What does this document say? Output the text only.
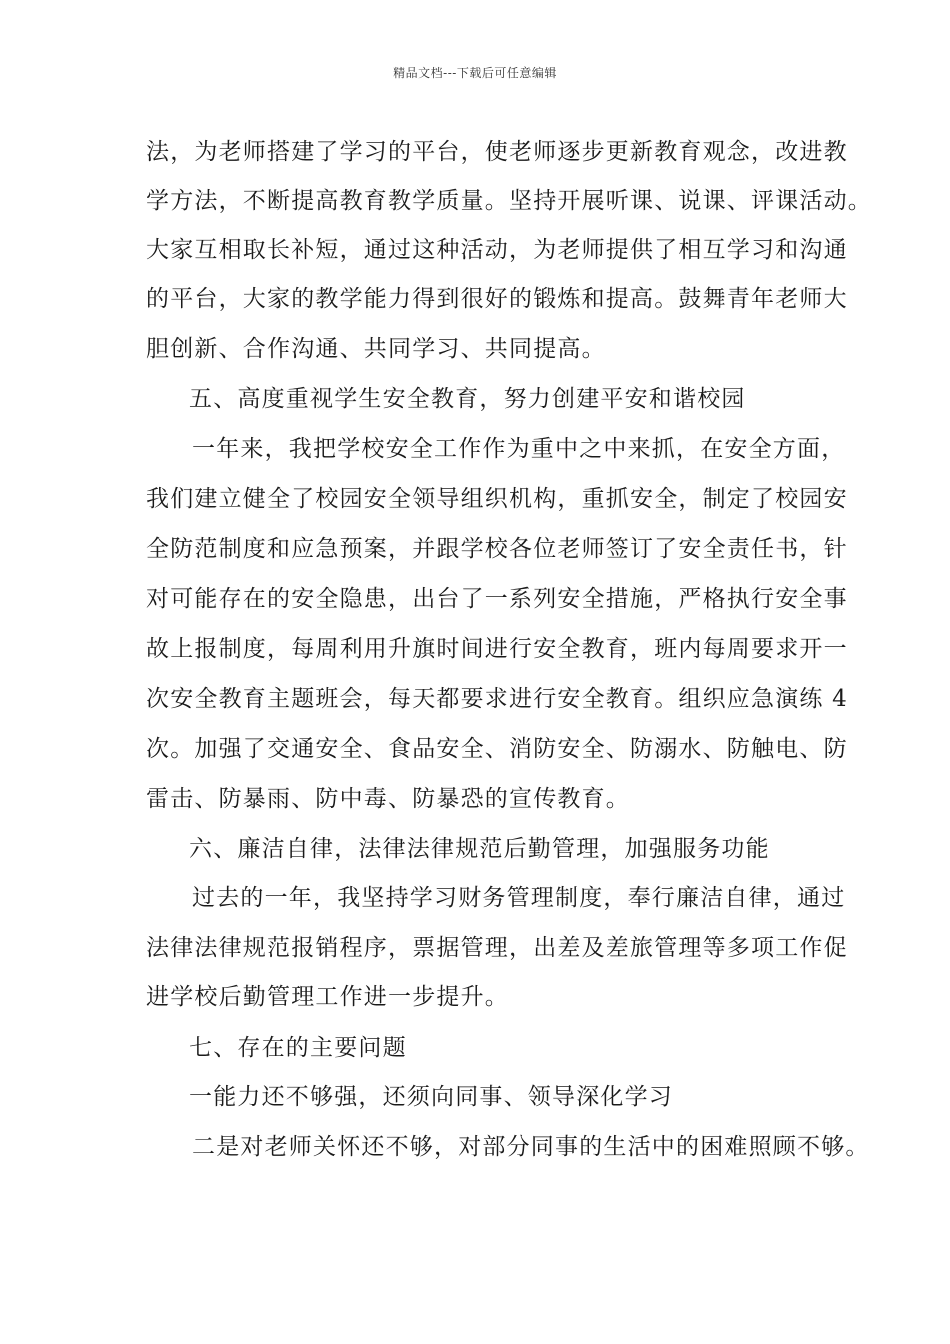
精品文档---下载后可任意编辑
法，为老师搭建了学习的平台，使老师逐步更新教育观念，改进教
学方法，不断提高教育教学质量。坚持开展听课、说课、评课活动。
大家互相取长补短，通过这种活动，为老师提供了相互学习和沟通
的平台，大家的教学能力得到很好的锻炼和提高。鼓舞青年老师大
胆创新、合作沟通、共同学习、共同提高。
五、高度重视学生安全教育，努力创建平安和谐校园
一年来，我把学校安全工作作为重中之中来抓，在安全方面，
我们建立健全了校园安全领导组织机构，重抓安全，制定了校园安
全防范制度和应急预案，并跟学校各位老师签订了安全责任书，针
对可能存在的安全隐患，出台了一系列安全措施，严格执行安全事
故上报制度，每周利用升旗时间进行安全教育，班内每周要求开一
次安全教育主题班会，每天都要求进行安全教育。组织应急演练 4
次。加强了交通安全、食品安全、消防安全、防溺水、防触电、防
雷击、防暴雨、防中毒、防暴恐的宣传教育。
六、廉洁自律，法律法律规范后勤管理，加强服务功能
过去的一年，我坚持学习财务管理制度，奉行廉洁自律，通过
法律法律规范报销程序，票据管理，出差及差旅管理等多项工作促
进学校后勤管理工作进一步提升。
七、存在的主要问题
一能力还不够强，还须向同事、领导深化学习
二是对老师关怀还不够，对部分同事的生活中的困难照顾不够。
